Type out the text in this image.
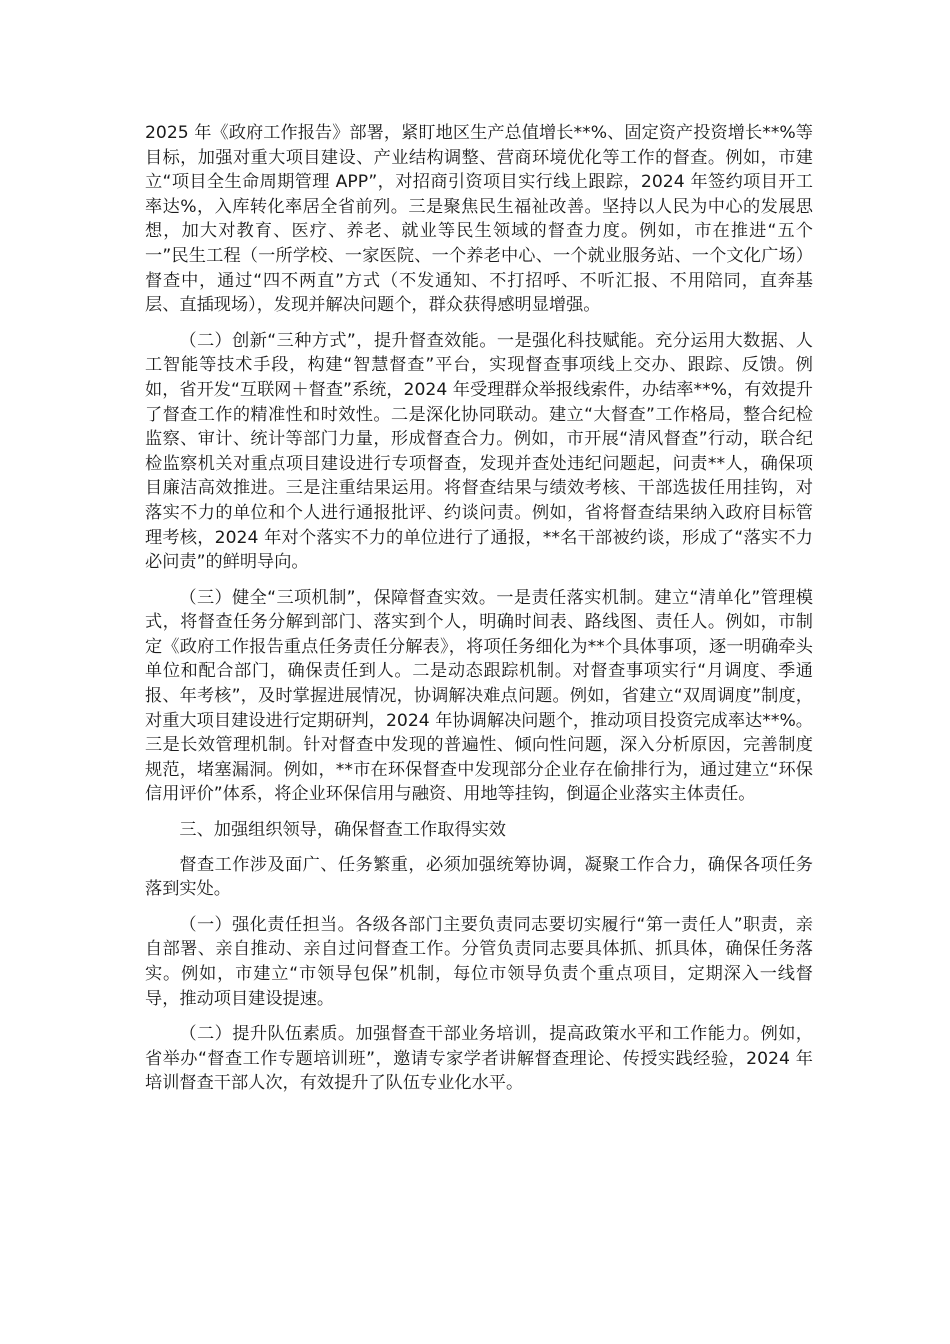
2025 年《政府工作报告》部署，紧盯地区生产总值增长**%、固定资产投资增长**%等目标，加强对重大项目建设、产业结构调整、营商环境优化等工作的督查。例如，市建立“项目全生命周期管理 APP”，对招商引资项目实行线上跟踪，2024 年签约项目开工率达%，入库转化率居全省前列。三是聚焦民生福祉改善。坚持以人民为中心的发展思想，加大对教育、医疗、养老、就业等民生领域的督查力度。例如，市在推进“五个一”民生工程（一所学校、一家医院、一个养老中心、一个就业服务站、一个文化广场）督查中，通过“四不两直”方式（不发通知、不打招呼、不听汇报、不用陪同，直奔基层、直插现场），发现并解决问题个，群众获得感明显增强。

（二）创新“三种方式”，提升督查效能。一是强化科技赋能。充分运用大数据、人工智能等技术手段，构建“智慧督查”平台，实现督查事项线上交办、跟踪、反馈。例如，省开发“互联网＋督查”系统，2024 年受理群众举报线索件，办结率**%，有效提升了督查工作的精准性和时效性。二是深化协同联动。建立“大督查”工作格局，整合纪检监察、审计、统计等部门力量，形成督查合力。例如，市开展“清风督查”行动，联合纪检监察机关对重点项目建设进行专项督查，发现并查处违纪问题起，问责**人，确保项目廉洁高效推进。三是注重结果运用。将督查结果与绩效考核、干部选拔任用挂钩，对落实不力的单位和个人进行通报批评、约谈问责。例如，省将督查结果纳入政府目标管理考核，2024 年对个落实不力的单位进行了通报，**名干部被约谈，形成了“落实不力必问责”的鲜明导向。

（三）健全“三项机制”，保障督查实效。一是责任落实机制。建立“清单化”管理模式，将督查任务分解到部门、落实到个人，明确时间表、路线图、责任人。例如，市制定《政府工作报告重点任务责任分解表》，将项任务细化为**个具体事项，逐一明确牵头单位和配合部门，确保责任到人。二是动态跟踪机制。对督查事项实行“月调度、季通报、年考核”，及时掌握进展情况，协调解决难点问题。例如，省建立“双周调度”制度，对重大项目建设进行定期研判，2024 年协调解决问题个，推动项目投资完成率达**%。三是长效管理机制。针对督查中发现的普遍性、倾向性问题，深入分析原因，完善制度规范，堵塞漏洞。例如，**市在环保督查中发现部分企业存在偷排行为，通过建立“环保信用评价”体系，将企业环保信用与融资、用地等挂钩，倒逼企业落实主体责任。

三、加强组织领导，确保督查工作取得实效

督查工作涉及面广、任务繁重，必须加强统筹协调，凝聚工作合力，确保各项任务落到实处。

（一）强化责任担当。各级各部门主要负责同志要切实履行“第一责任人”职责，亲自部署、亲自推动、亲自过问督查工作。分管负责同志要具体抓、抓具体，确保任务落实。例如，市建立“市领导包保”机制，每位市领导负责个重点项目，定期深入一线督导，推动项目建设提速。

（二）提升队伍素质。加强督查干部业务培训，提高政策水平和工作能力。例如，省举办“督查工作专题培训班”，邀请专家学者讲解督查理论、传授实践经验，2024 年培训督查干部人次，有效提升了队伍专业化水平。
